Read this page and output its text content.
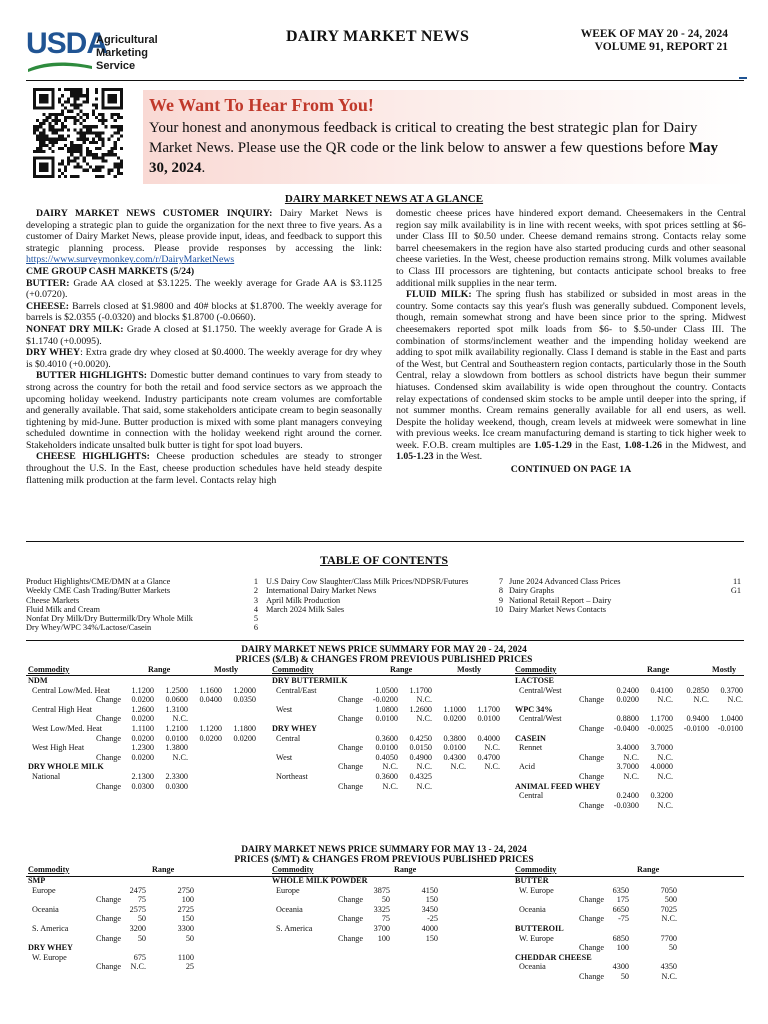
USDA
Agricultural
Marketing
Service
DAIRY MARKET NEWS	WEEK OF MAY 20 - 24, 2024
VOLUME 91, REPORT 21
We Want To Hear From You!
Your honest and anonymous feedback is critical to creating the best strategic plan for Dairy Market News. Please use the QR code or the link below to answer a few questions before May 30, 2024.
DAIRY MARKET NEWS AT A GLANCE

DAIRY MARKET NEWS CUSTOMER INQUIRY: Dairy Market News is developing a strategic plan to guide the organization for the next three to five years. As a customer of Dairy Market News, please provide input, ideas, and feedback to support this strategic planning process. Please provide responses by accessing the link: https://www.surveymonkey.com/r/DairyMarketNews

CME GROUP CASH MARKETS (5/24)

BUTTER: Grade AA closed at $3.1225. The weekly average for Grade AA is $3.1125 (+0.0720).

CHEESE: Barrels closed at $1.9800 and 40# blocks at $1.8700. The weekly average for barrels is $2.0355 (-0.0320) and blocks $1.8700 (-0.0660).

NONFAT DRY MILK: Grade A closed at $1.1750. The weekly average for Grade A is $1.1740 (+0.0095).

DRY WHEY: Extra grade dry whey closed at $0.4000. The weekly average for dry whey is $0.4010 (+0.0020).

BUTTER HIGHLIGHTS: Domestic butter demand continues to vary from steady to strong across the country for both the retail and food service sectors as we approach the upcoming holiday weekend. Industry participants note cream volumes are comfortable and generally available. That said, some stakeholders anticipate cream to begin seasonally tightening by mid-June. Butter production is mixed with some plant managers conveying scheduled downtime in connection with the holiday weekend right around the corner. Stakeholders indicate unsalted bulk butter is tight for spot load buyers.

CHEESE HIGHLIGHTS: Cheese production schedules are steady to stronger throughout the U.S. In the East, cheese production schedules have held steady despite flattening milk production at the farm level. Contacts relay high

domestic cheese prices have hindered export demand. Cheesemakers in the Central region say milk availability is in line with recent weeks, with spot prices settling at $6-under Class III to $0.50 under. Cheese demand remains strong. Contacts relay some barrel cheesemakers in the region have also started producing curds and other seasonal cheese varieties. In the West, cheese production remains strong. Milk volumes available to Class III processors are tightening, but contacts anticipate school breaks to free additional milk supplies in the near term.

FLUID MILK: The spring flush has stabilized or subsided in most areas in the country. Some contacts say this year's flush was generally subdued. Component levels, though, remain somewhat strong and have been since prior to the spring. Midwest cheesemakers reported spot milk loads from $6- to $.50-under Class III. The combination of storms/inclement weather and the impending holiday weekend are adding to spot milk availability regionally. Class I demand is stable in the East and parts of the West, but Central and Southeastern region contacts, particularly those in the South Central, relay a slowdown from bottlers as school districts have begun their summer hiatuses. Condensed skim availability is wide open throughout the country. Contacts relay expectations of condensed skim stocks to be ample until deeper into the spring, if not summer months. Cream remains generally available for all end users, as well. Despite the holiday weekend, though, cream levels at midweek were somewhat in line with previous weeks. Ice cream manufacturing demand is starting to tick higher week to week. F.O.B. cream multiples are 1.05-1.29 in the East, 1.08-1.26 in the Midwest, and 1.05-1.23 in the West.

CONTINUED ON PAGE 1A
TABLE OF CONTENTS
Product Highlights/CME/DMN at a Glance	1
Weekly CME Cash Trading/Butter Markets	2
Cheese Markets	3
Fluid Milk and Cream	4
Nonfat Dry Milk/Dry Buttermilk/Dry Whole Milk	5
Dry Whey/WPC 34%/Lactose/Casein	6
U.S Dairy Cow Slaughter/Class Milk Prices/NDPSR/Futures	7
International Dairy Market News	8
April Milk Production	9
March 2024 Milk Sales	10
June 2024 Advanced Class Prices	11
Dairy Graphs	G1
National Retail Report – Dairy
Dairy Market News Contacts
DAIRY MARKET NEWS PRICE SUMMARY FOR MAY 20 - 24, 2024
PRICES ($/LB) & CHANGES FROM PREVIOUS PUBLISHED PRICES
Commodity	Range	Mostly	Commodity	Range	Mostly	Commodity	Range	Mostly
NDM
Central Low/Med. Heat	1.1200	1.2500	1.1600	1.2000
Change	0.0200	0.0600	0.0400	0.0350
Central High Heat	1.2600	1.3100
Change	0.0200	N.C.
West Low/Med. Heat	1.1100	1.2100	1.1200	1.1800
Change	0.0200	0.0100	0.0200	0.0200
West High Heat	1.2300	1.3800
Change	0.0200	N.C.
DRY WHOLE MILK
National	2.1300	2.3300
Change	0.0300	0.0300
DRY BUTTERMILK
Central/East	1.0500	1.1700
Change	-0.0200	N.C.
West	1.0800	1.2600	1.1000	1.1700
Change	0.0100	N.C.	0.0200	0.0100
DRY WHEY
Central	0.3600	0.4250	0.3800	0.4000
Change	0.0100	0.0150	0.0100	N.C.
West	0.4050	0.4900	0.4300	0.4700
Change	N.C.	N.C.	N.C.	N.C.
Northeast	0.3600	0.4325
Change	N.C.	N.C.
LACTOSE
Central/West	0.2400	0.4100	0.2850	0.3700
Change	0.0200	N.C.	N.C.	N.C.
WPC 34%
Central/West	0.8800	1.1700	0.9400	1.0400
Change	-0.0400	-0.0025	-0.0100	-0.0100
CASEIN
Rennet	3.4000	3.7000
Change	N.C.	N.C.
Acid	3.7000	4.0000
Change	N.C.	N.C.
ANIMAL FEED WHEY
Central	0.2400	0.3200
Change	-0.0300	N.C.
DAIRY MARKET NEWS PRICE SUMMARY FOR MAY 13 - 24, 2024
PRICES ($/MT) & CHANGES FROM PREVIOUS PUBLISHED PRICES
Commodity	Range	Commodity	Range	Commodity	Range
SMP
Europe	2475	2750
Change	75	100
Oceania	2575	2725
Change	50	150
S. America	3200	3300
Change	50	50
DRY WHEY
W. Europe	675	1100
Change	N.C.	25
WHOLE MILK POWDER
Europe	3875	4150
Change	50	150
Oceania	3325	3450
Change	75	-25
S. America	3700	4000
Change	100	150
BUTTER
W. Europe	6350	7050
Change	175	500
Oceania	6650	7025
Change	-75	N.C.
BUTTEROIL
W. Europe	6850	7700
Change	100	50
CHEDDAR CHEESE
Oceania	4300	4350
Change	50	N.C.
